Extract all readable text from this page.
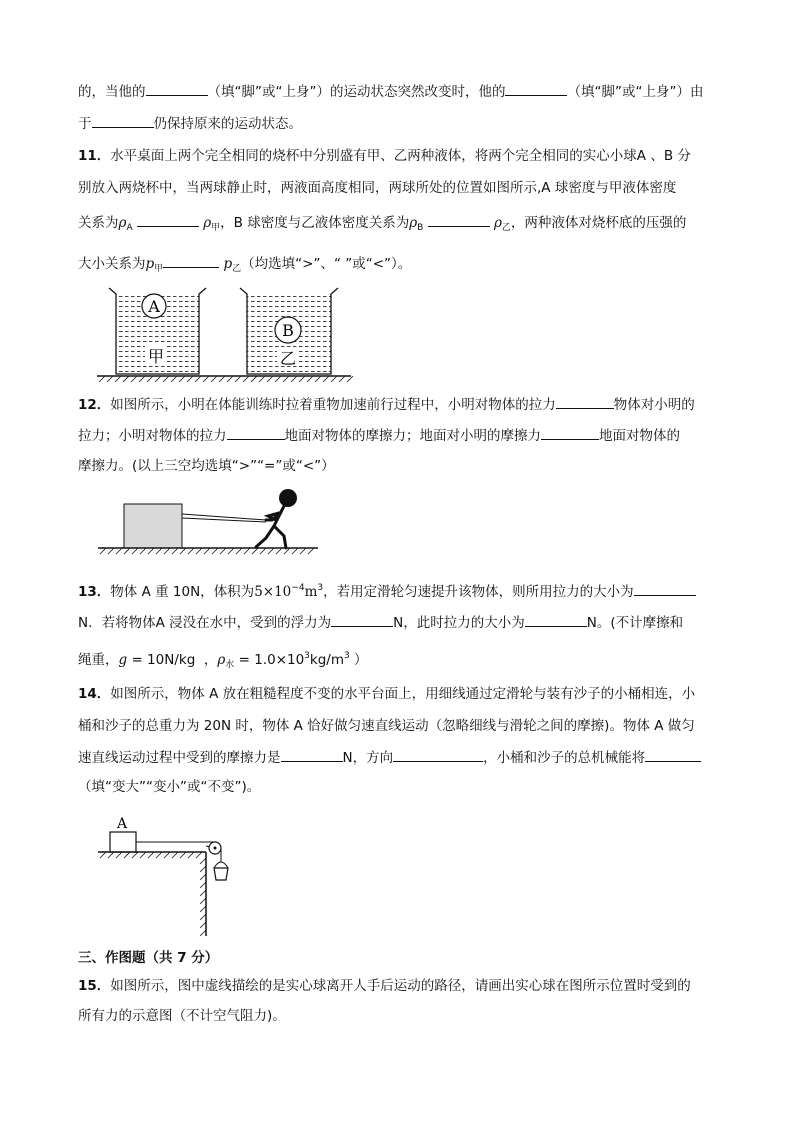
的，当他的	（填“脚”或“上身”）的运动状态突然改变时，他的	（填“脚”或“上身”）由
于	仍保持原来的运动状态。
11．水平桌面上两个完全相同的烧杯中分别盛有甲、乙两种液体，将两个完全相同的实心小球A 、B 分
别放入两烧杯中，当两球静止时，两液面高度相同，两球所处的位置如图所示,A 球密度与甲液体密度
关系为$\rho_A$	$\rho_甲$，B 球密度与乙液体密度关系为$\rho_B$	$\rho_乙$，两种液体对烧杯底的压强的
大小关系为$p_甲$	$p_乙$（均选填“>”、“ ”或“<”）。
A
甲
B
乙
12．如图所示，小明在体能训练时拉着重物加速前行过程中，小明对物体的拉力	物体对小明的
拉力；小明对物体的拉力	地面对物体的摩擦力；地面对小明的摩擦力	地面对物体的
摩擦力。(以上三空均选填“>”“=”或“<”）
13．物体 A 重 10N，体积为$5\times 10^{-4}m^3$，若用定滑轮匀速提升该物体，则所用拉力的大小为
N．若将物体A 浸没在水中，受到的浮力为	N，此时拉力的大小为	N。(不计摩擦和
绳重，g = 10N/kg  ，$\rho_水 = 1.0\times 10^3kg/m^3$ ）
14．如图所示，物体 A 放在粗糙程度不变的水平台面上，用细线通过定滑轮与装有沙子的小桶相连，小
桶和沙子的总重力为 20N 时，物体 A 恰好做匀速直线运动（忽略细线与滑轮之间的摩擦)。物体 A 做匀
速直线运动过程中受到的摩擦力是	N，方向	，小桶和沙子的总机械能将
（填“变大”“变小”或“不变”)。
A
三、作图题（共 7 分）
15．如图所示，图中虚线描绘的是实心球离开人手后运动的路径，请画出实心球在图所示位置时受到的
所有力的示意图（不计空气阻力)。
